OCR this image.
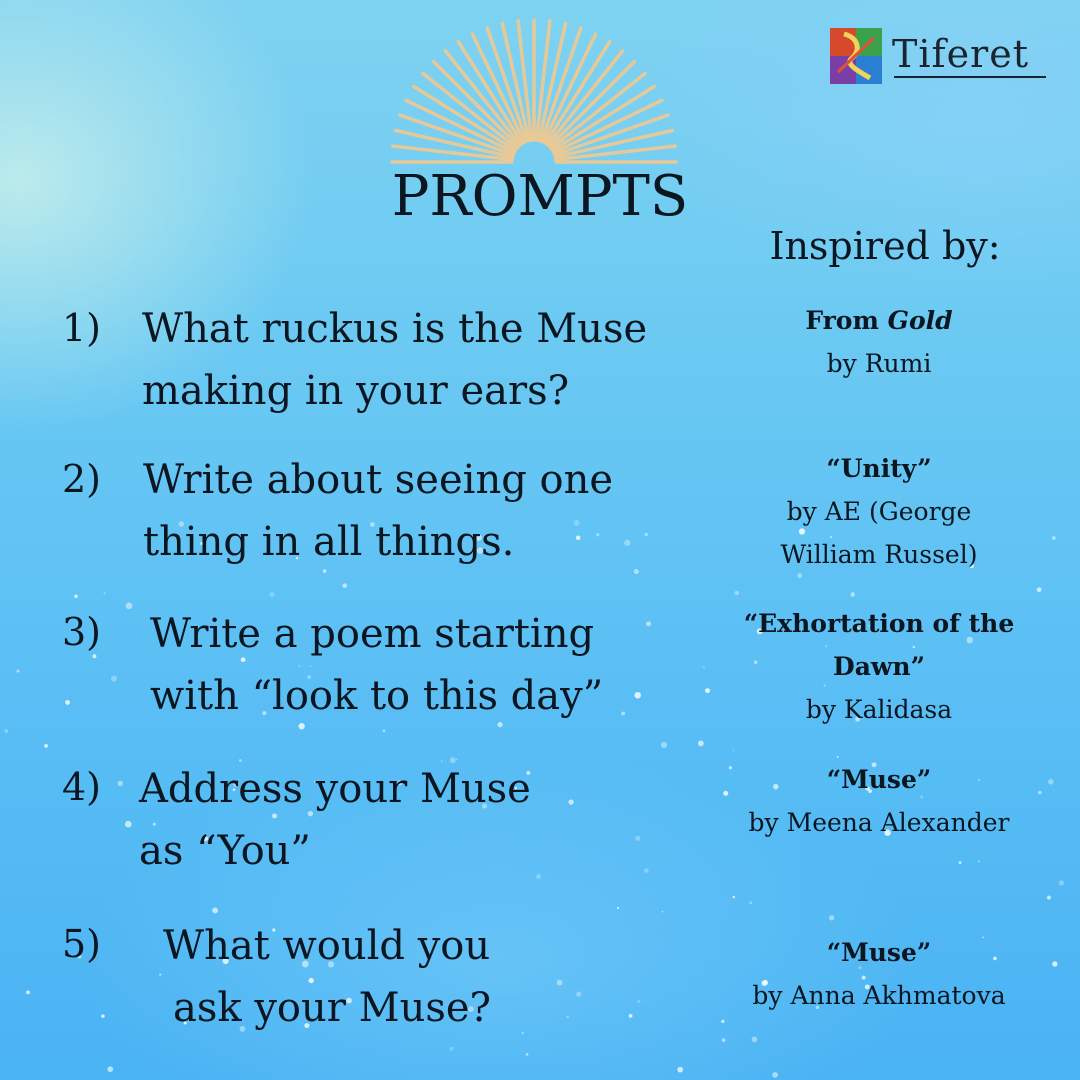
PROMPTS
Tiferet
Inspired by:
1) What ruckus is the Muse
making in your ears?
2) Write about seeing one
thing in all things.
3) Write a poem starting
with “look to this day”
4) Address your Muse
as “You”
5) What would you
ask your Muse?
From Gold
by Rumi
“Unity”
by AE (George
William Russel)
“Exhortation of the
Dawn”
by Kalidasa
“Muse”
by Meena Alexander
“Muse”
by Anna Akhmatova
